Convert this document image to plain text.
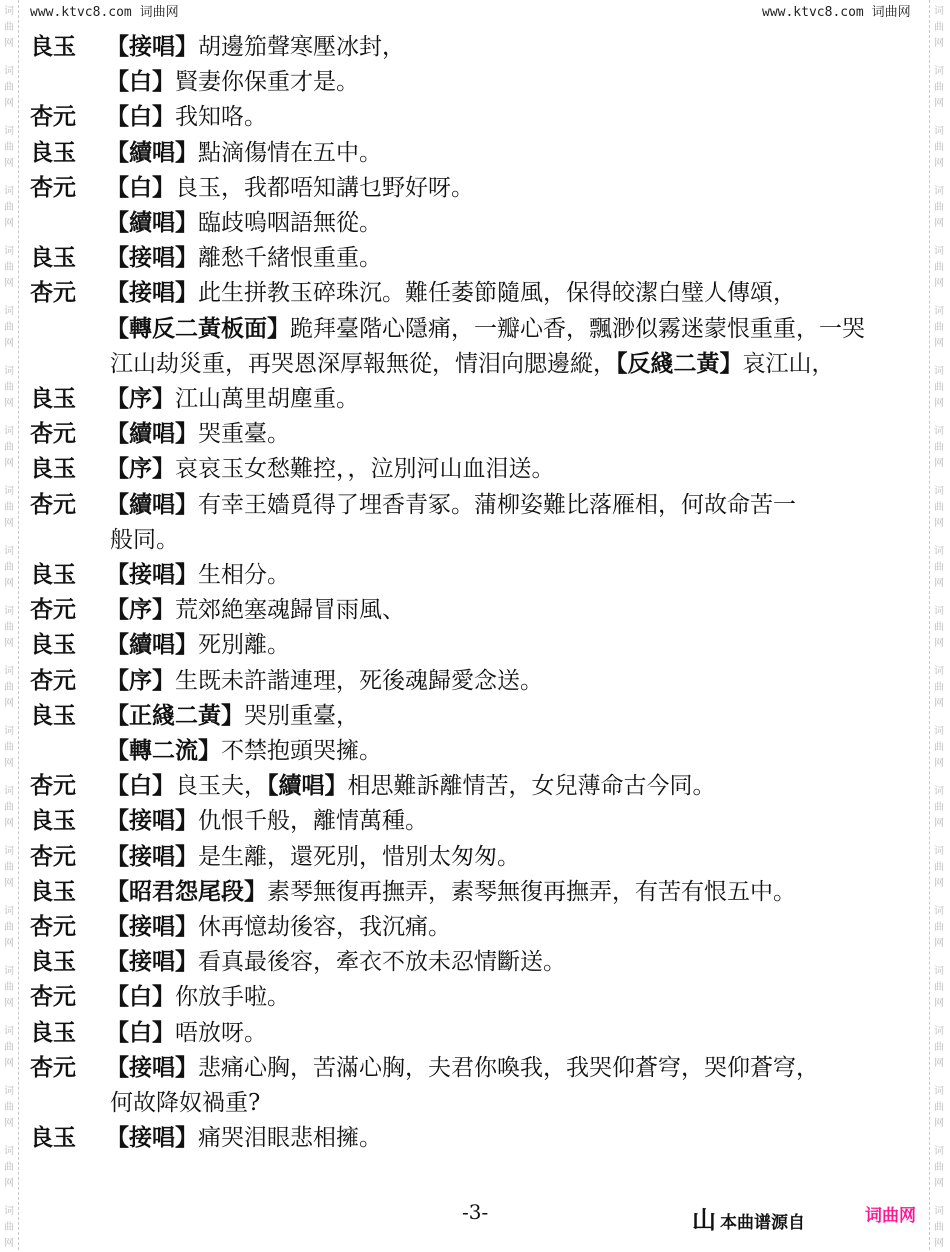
词
曲
网
词
曲
网
词
曲
网
词
曲
网
词
曲
网
词
曲
网
词
曲
网
词
曲
网
词
曲
网
词
曲
网
词
曲
网
词
曲
网
词
曲
网
词
曲
网
词
曲
网
词
曲
网
词
曲
网
词
曲
网
词
曲
网
词
曲
网
词
曲
网
词
曲
网
词
曲
网
词
曲
网
词
曲
网
词
曲
网
词
曲
网
词
曲
网
词
曲
网
词
曲
网
词
曲
网
词
曲
网
词
曲
网
词
曲
网
词
曲
网
词
曲
网
词
曲
网
词
曲
网
词
曲
网
词
曲
网
词
曲
网
词
曲
网
www.ktvc8.com 词曲网	www.ktvc8.com 词曲网
良玉 【接唱】胡邊笳聲寒壓冰封，
【白】賢妻你保重才是。
杏元 【白】我知咯。
良玉 【續唱】點滴傷情在五中。
杏元 【白】良玉，我都唔知講乜野好呀。
【續唱】臨歧嗚咽語無從。
良玉 【接唱】離愁千緒恨重重。
杏元 【接唱】此生拼教玉碎珠沉。難任萎節隨風，保得皎潔白璧人傳頌，
【轉反二黃板面】跪拜臺階心隱痛，一瓣心香，飄渺似霧迷蒙恨重重，一哭
江山劫災重，再哭恩深厚報無從，情泪向腮邊縱，【反綫二黃】哀江山，
良玉 【序】江山萬里胡塵重。
杏元 【續唱】哭重臺。
良玉 【序】哀哀玉女愁難控，，泣別河山血泪送。
杏元 【續唱】有幸王嬙覓得了埋香青冢。蒲柳姿難比落雁相，何故命苦一
般同。
良玉 【接唱】生相分。
杏元 【序】荒郊絶塞魂歸冒雨風、
良玉 【續唱】死別離。
杏元 【序】生既未許諧連理，死後魂歸愛念送。
良玉 【正綫二黃】哭別重臺，
【轉二流】不禁抱頭哭擁。
杏元 【白】良玉夫，【續唱】相思難訴離情苦，女兒薄命古今同。
良玉 【接唱】仇恨千般，離情萬種。
杏元 【接唱】是生離，還死別，惜別太匆匆。
良玉 【昭君怨尾段】素琴無復再撫弄，素琴無復再撫弄，有苦有恨五中。
杏元 【接唱】休再憶劫後容，我沉痛。
良玉 【接唱】看真最後容，牽衣不放未忍情斷送。
杏元 【白】你放手啦。
良玉 【白】唔放呀。
杏元 【接唱】悲痛心胸，苦滿心胸，夫君你喚我，我哭仰蒼穹，哭仰蒼穹，
何故降奴禍重?
良玉 【接唱】痛哭泪眼悲相擁。
-3-	山 本曲谱源自	词曲网
